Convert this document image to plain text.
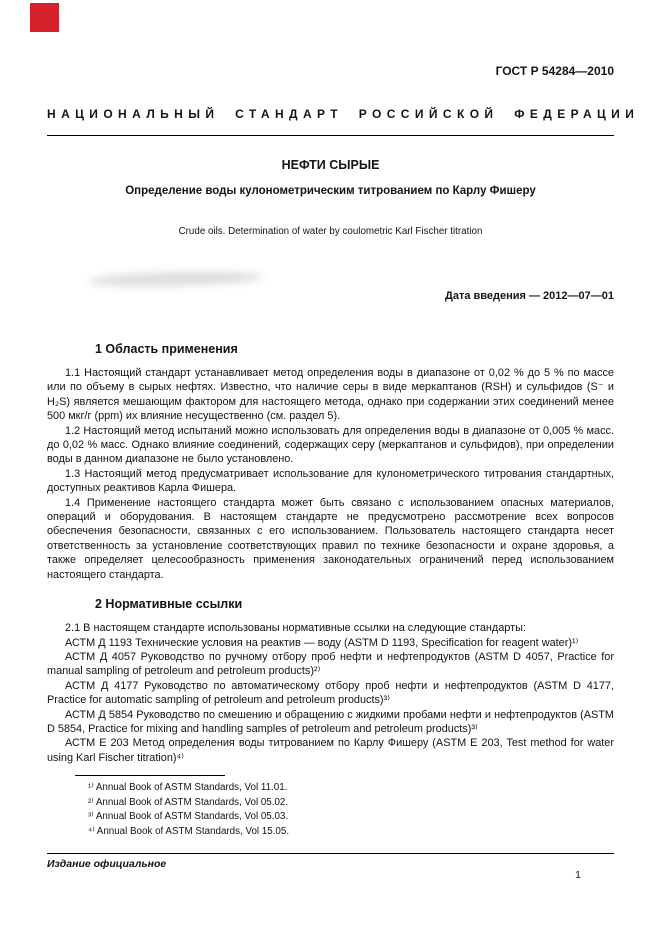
ГОСТ Р 54284—2010
НАЦИОНАЛЬНЫЙ СТАНДАРТ РОССИЙСКОЙ ФЕДЕРАЦИИ
НЕФТИ СЫРЫЕ
Определение воды кулонометрическим титрованием по Карлу Фишеру
Crude oils. Determination of water by coulometric Karl Fischer titration
Дата введения — 2012—07—01
1 Область применения

1.1 Настоящий стандарт устанавливает метод определения воды в диапазоне от 0,02 % до 5 % по массе или по объему в сырых нефтях. Известно, что наличие серы в виде меркаптанов (RSH) и сульфидов (S⁻ и H₂S) является мешающим фактором для настоящего метода, однако при содержании этих соединений менее 500 мкг/г (ppm) их влияние несущественно (см. раздел 5).

1.2 Настоящий метод испытаний можно использовать для определения воды в диапазоне от 0,005 % масс. до 0,02 % масс. Однако влияние соединений, содержащих серу (меркаптанов и сульфидов), при определении воды в данном диапазоне не было установлено.

1.3 Настоящий метод предусматривает использование для кулонометрического титрования стандартных, доступных реактивов Карла Фишера.

1.4 Применение настоящего стандарта может быть связано с использованием опасных материалов, операций и оборудования. В настоящем стандарте не предусмотрено рассмотрение всех вопросов обеспечения безопасности, связанных с его использованием. Пользователь настоящего стандарта несет ответственность за установление соответствующих правил по технике безопасности и охране здоровья, а также определяет целесообразность применения законодательных ограничений перед использованием настоящего стандарта.

2 Нормативные ссылки

2.1 В настоящем стандарте использованы нормативные ссылки на следующие стандарты:

АСТМ Д 1193 Технические условия на реактив — воду (ASTM D 1193, Specification for reagent water)¹⁾

АСТМ Д 4057 Руководство по ручному отбору проб нефти и нефтепродуктов (ASTM D 4057, Practice for manual sampling of petroleum and petroleum products)²⁾

АСТМ Д 4177 Руководство по автоматическому отбору проб нефти и нефтепродуктов (ASTM D 4177, Practice for automatic sampling of petroleum and petroleum products)³⁾

АСТМ Д 5854 Руководство по смешению и обращению с жидкими пробами нефти и нефтепродуктов (ASTM D 5854, Practice for mixing and handling samples of petroleum and petroleum products)³⁾

АСТМ Е 203 Метод определения воды титрованием по Карлу Фишеру (ASTM E 203, Test method for water using Karl Fischer titration)⁴⁾

¹⁾ Annual Book of ASTM Standards, Vol 11.01.

²⁾ Annual Book of ASTM Standards, Vol 05.02.

³⁾ Annual Book of ASTM Standards, Vol 05.03.

⁴⁾ Annual Book of ASTM Standards, Vol 15.05.

Издание официальное
1
